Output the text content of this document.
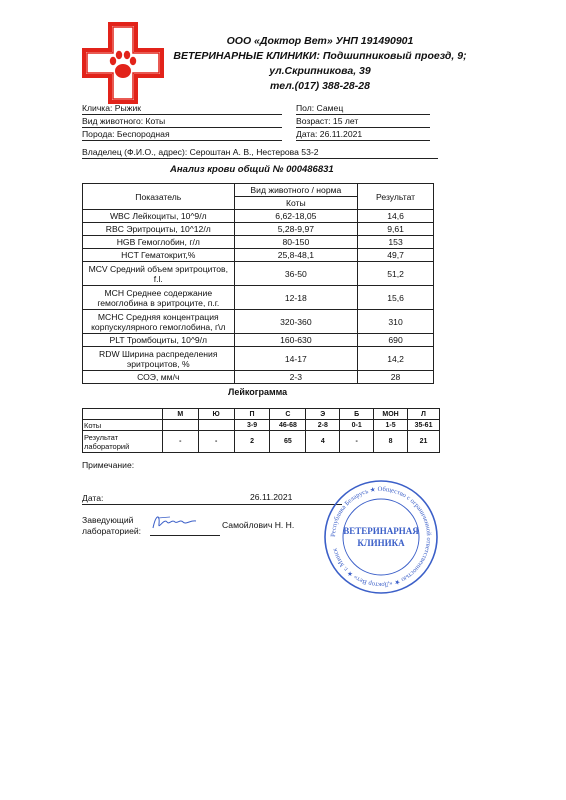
ООО «Доктор Вет» УНП 191490901
ВЕТЕРИНАРНЫЕ КЛИНИКИ: Подшипниковый проезд, 9;
ул.Скрипникова, 39
тел.(017) 388-28-28
Кличка: Рыжик	Пол: Самец
Вид животного: Коты	Возраст: 15 лет
Порода: Беспородная	Дата: 26.11.2021
Владелец (Ф.И.О., адрес): Сероштан А. В., Нестерова 53-2
Анализ крови общий № 000486831
Показатель	Вид животного / норма	Результат
	Коты	
WBC Лейкоциты, 10^9/л	6,62-18,05	14,6
RBC Эритроциты, 10^12/л	5,28-9,97	9,61
HGB Гемоглобин, г/л	80-150	153
HCT Гематокрит,%	25,8-48,1	49,7
MCV Средний объем эритроцитов, f.l.	36-50	51,2
MCH Среднее содержание гемоглобина в эритроците, п.г.	12-18	15,6
MCHC Средняя концентрация корпускулярного гемоглобина, г\л	320-360	310
PLT Тромбоциты, 10^9/л	160-630	690
RDW Ширина распределения эритроцитов, %	14-17	14,2
СОЭ, мм/ч	2-3	28
Лейкограмма
	М	Ю	П	С	Э	Б	МОН	Л
Коты			3-9	46-68	2-8	0-1	1-5	35-61
Результат лабораторий	-	-	2	65	4	-	8	21
Примечание:
Дата:	26.11.2021
Заведующий
лабораторией:
Самойлович Н. Н.
Республика Беларусь ★ Общество с ограниченной ответственностью ★ «Доктор Вет» ★ г. Минск
ВЕТЕРИНАРНАЯ
КЛИНИКА
